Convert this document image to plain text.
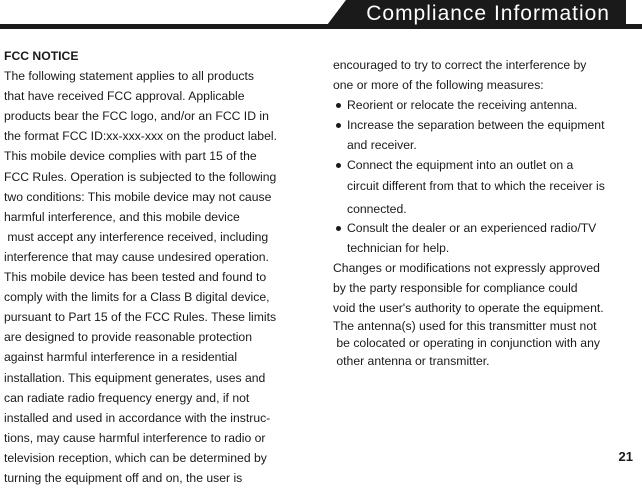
Compliance Information
FCC NOTICE
The following statement applies to all products
that have received FCC approval. Applicable
products bear the FCC logo, and/or an FCC ID in
the format FCC ID:xx-xxx-xxx on the product label.
This mobile device complies with part 15 of the
FCC Rules. Operation is subjected to the following
two conditions: This mobile device may not cause
harmful interference, and this mobile device
must accept any interference received, including
interference that may cause undesired operation.
This mobile device has been tested and found to
comply with the limits for a Class B digital device,
pursuant to Part 15 of the FCC Rules. These limits
are designed to provide reasonable protection
against harmful interference in a residential
installation. This equipment generates, uses and
can radiate radio frequency energy and, if not
installed and used in accordance with the instruc-
tions, may cause harmful interference to radio or
television reception, which can be determined by
turning the equipment off and on, the user is
encouraged to try to correct the interference by
one or more of the following measures:
Reorient or relocate the receiving antenna.
Increase the separation between the equipment
and receiver.
Connect the equipment into an outlet on a
circuit different from that to which the receiver is
connected.
Consult the dealer or an experienced radio/TV
technician for help.
Changes or modifications not expressly approved
by the party responsible for compliance could
void the user's authority to operate the equipment.
The antenna(s) used for this transmitter must not
be colocated or operating in conjunction with any
other antenna or transmitter.
21
